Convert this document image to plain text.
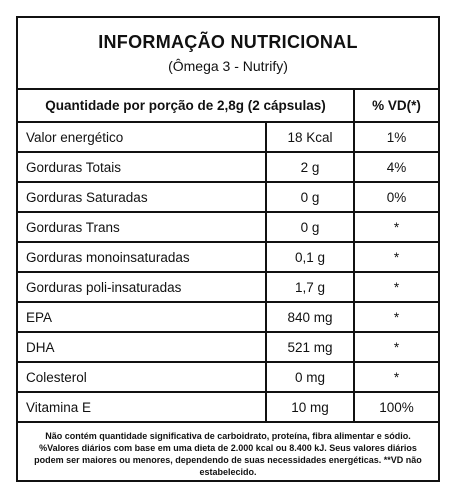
INFORMAÇÃO NUTRICIONAL
(Ômega 3 - Nutrify)
Quantidade por porção de 2,8g (2 cápsulas)		% VD(*)
Valor energético	18 Kcal	1%
Gorduras Totais	2 g	4%
Gorduras Saturadas	0 g	0%
Gorduras Trans	0 g	*
Gorduras monoinsaturadas	0,1 g	*
Gorduras poli-insaturadas	1,7 g	*
EPA	840 mg	*
DHA	521 mg	*
Colesterol	0 mg	*
Vitamina E	10 mg	100%
Não contém quantidade significativa de carboidrato, proteína, fibra alimentar e sódio. %Valores diários com base em uma dieta de 2.000 kcal ou 8.400 kJ. Seus valores diários podem ser maiores ou menores, dependendo de suas necessidades energéticas. **VD não estabelecido.
